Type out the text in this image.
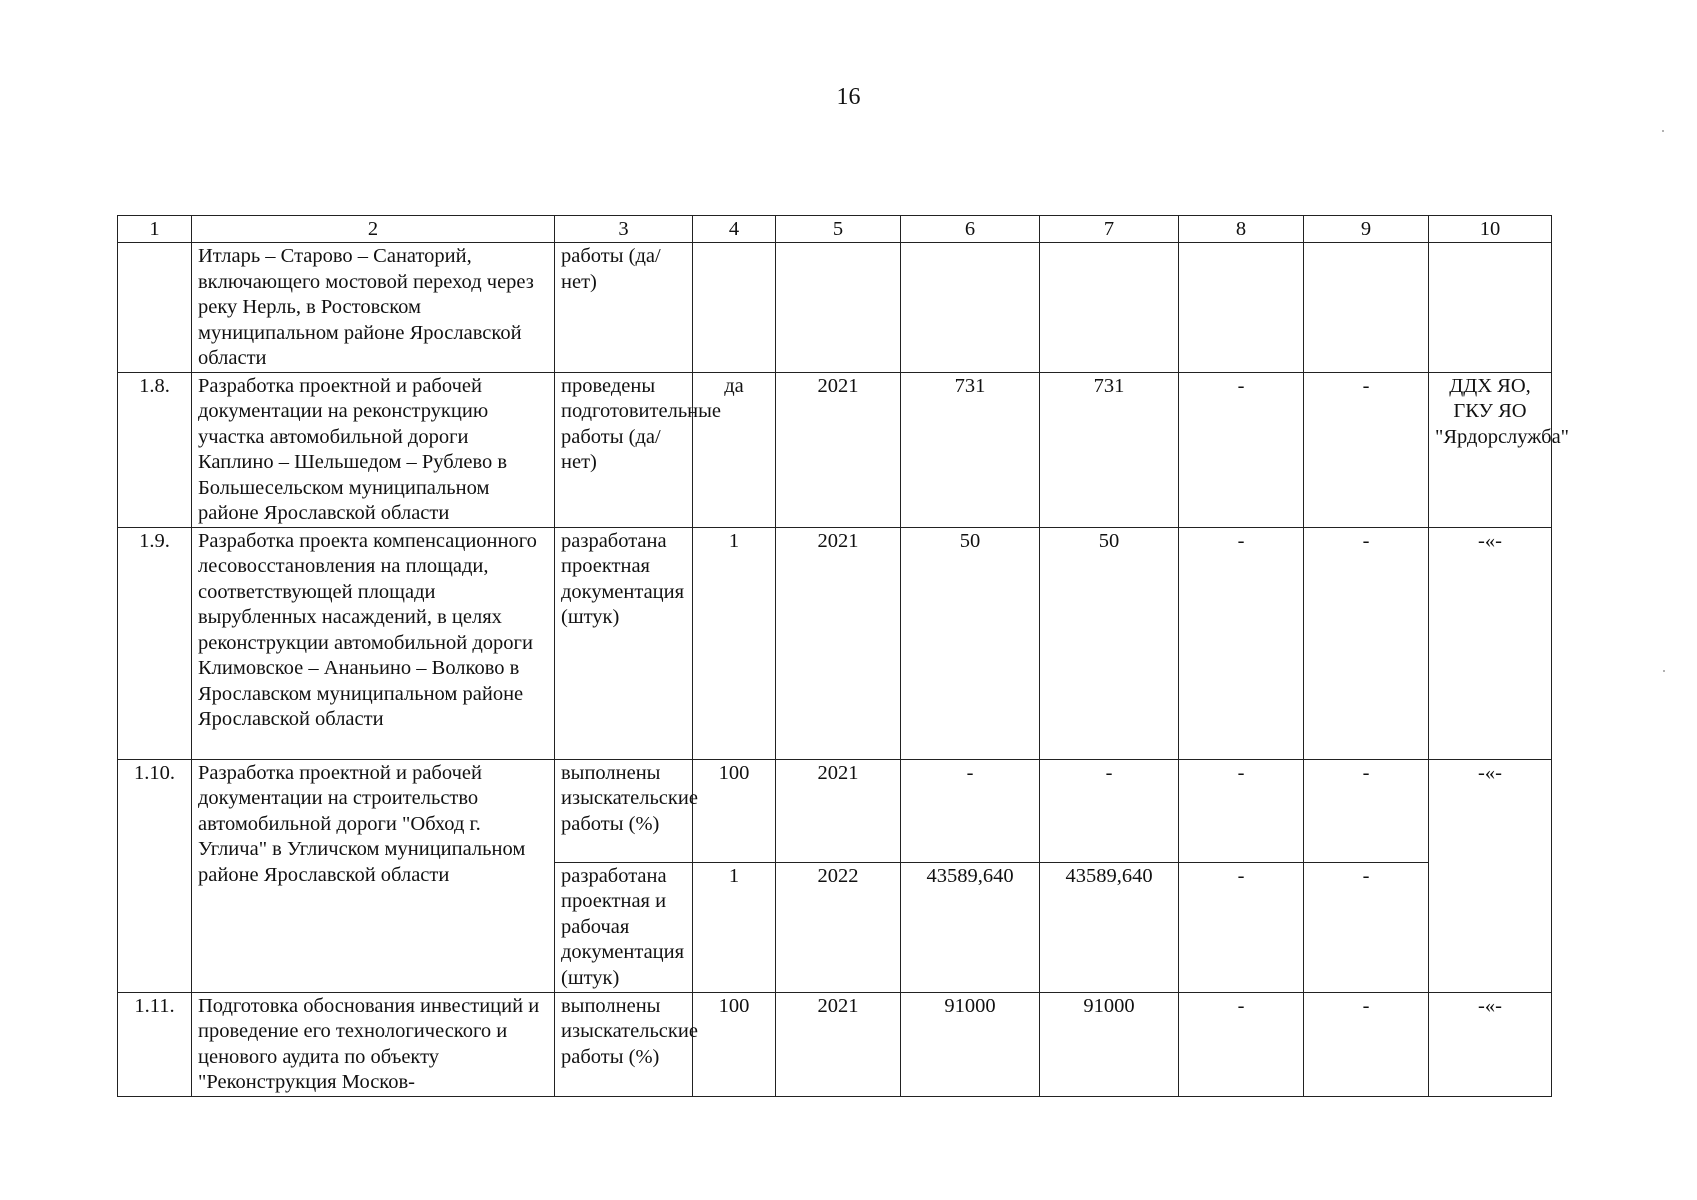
16
1	2	3	4	5	6	7	8	9	10
	Итларь – Старово – Санаторий, включающего мостовой переход через реку Нерль, в Ростовском муниципальном районе Ярославской области	работы (да/нет)							
1.8.	Разработка проектной и рабочей документации на реконструкцию участка автомобильной дороги Каплино – Шельшедом – Рублево в Большесельском муниципальном районе Ярославской области	проведены подготовительные работы (да/нет)	да	2021	731	731	-	-	ДДХ ЯО, ГКУ ЯО "Ярдорслужба"
1.9.	Разработка проекта компенсационного лесовосстановления на площади, соответствующей площади вырубленных насаждений, в целях реконструкции автомобильной дороги Климовское – Ананьино – Волково в Ярославском муниципальном районе Ярославской области	разработана проектная документация (штук)	1	2021	50	50	-	-	-«-
1.10.	Разработка проектной и рабочей документации на строительство автомобильной дороги "Обход г. Углича" в Угличском муниципальном районе Ярославской области	выполнены изыскательские работы (%)	100	2021	-	-	-	-	-«-
		разработана проектная и рабочая документация (штук)	1	2022	43589,640	43589,640	-	-	
1.11.	Подготовка обоснования инвестиций и проведение его технологического и ценового аудита по объекту "Реконструкция Москов-	выполнены изыскательские работы (%)	100	2021	91000	91000	-	-	-«-
